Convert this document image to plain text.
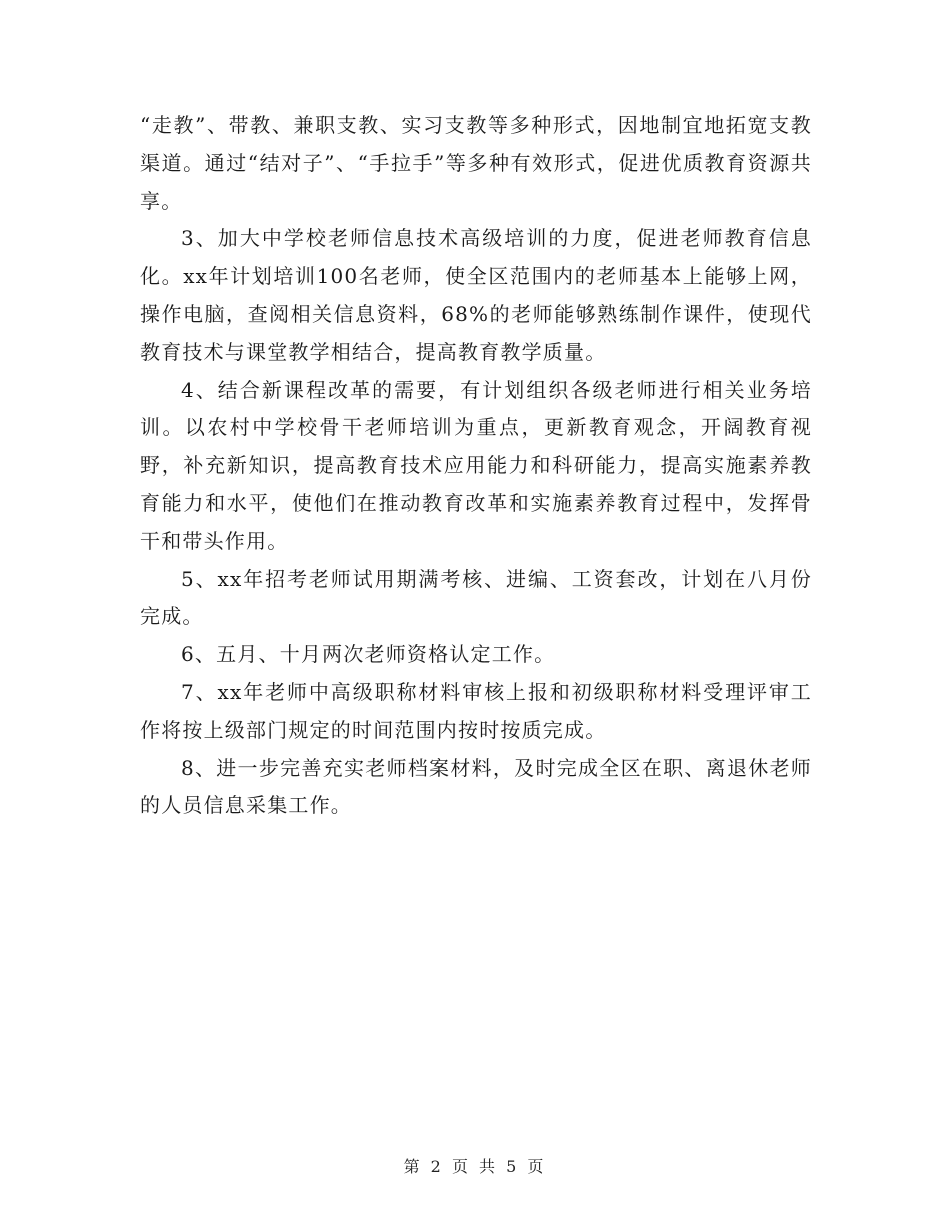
“走教”、带教、兼职支教、实习支教等多种形式，因地制宜地拓宽支教渠道。通过“结对子”、“手拉手”等多种有效形式，促进优质教育资源共享。

3、加大中学校老师信息技术高级培训的力度，促进老师教育信息化。xx年计划培训100名老师，使全区范围内的老师基本上能够上网，操作电脑，查阅相关信息资料，68%的老师能够熟练制作课件，使现代教育技术与课堂教学相结合，提高教育教学质量。

4、结合新课程改革的需要，有计划组织各级老师进行相关业务培训。以农村中学校骨干老师培训为重点，更新教育观念，开阔教育视野，补充新知识，提高教育技术应用能力和科研能力，提高实施素养教育能力和水平，使他们在推动教育改革和实施素养教育过程中，发挥骨干和带头作用。

5、xx年招考老师试用期满考核、进编、工资套改，计划在八月份完成。

6、五月、十月两次老师资格认定工作。

7、xx年老师中高级职称材料审核上报和初级职称材料受理评审工作将按上级部门规定的时间范围内按时按质完成。

8、进一步完善充实老师档案材料，及时完成全区在职、离退休老师的人员信息采集工作。

第 2 页 共 5 页
